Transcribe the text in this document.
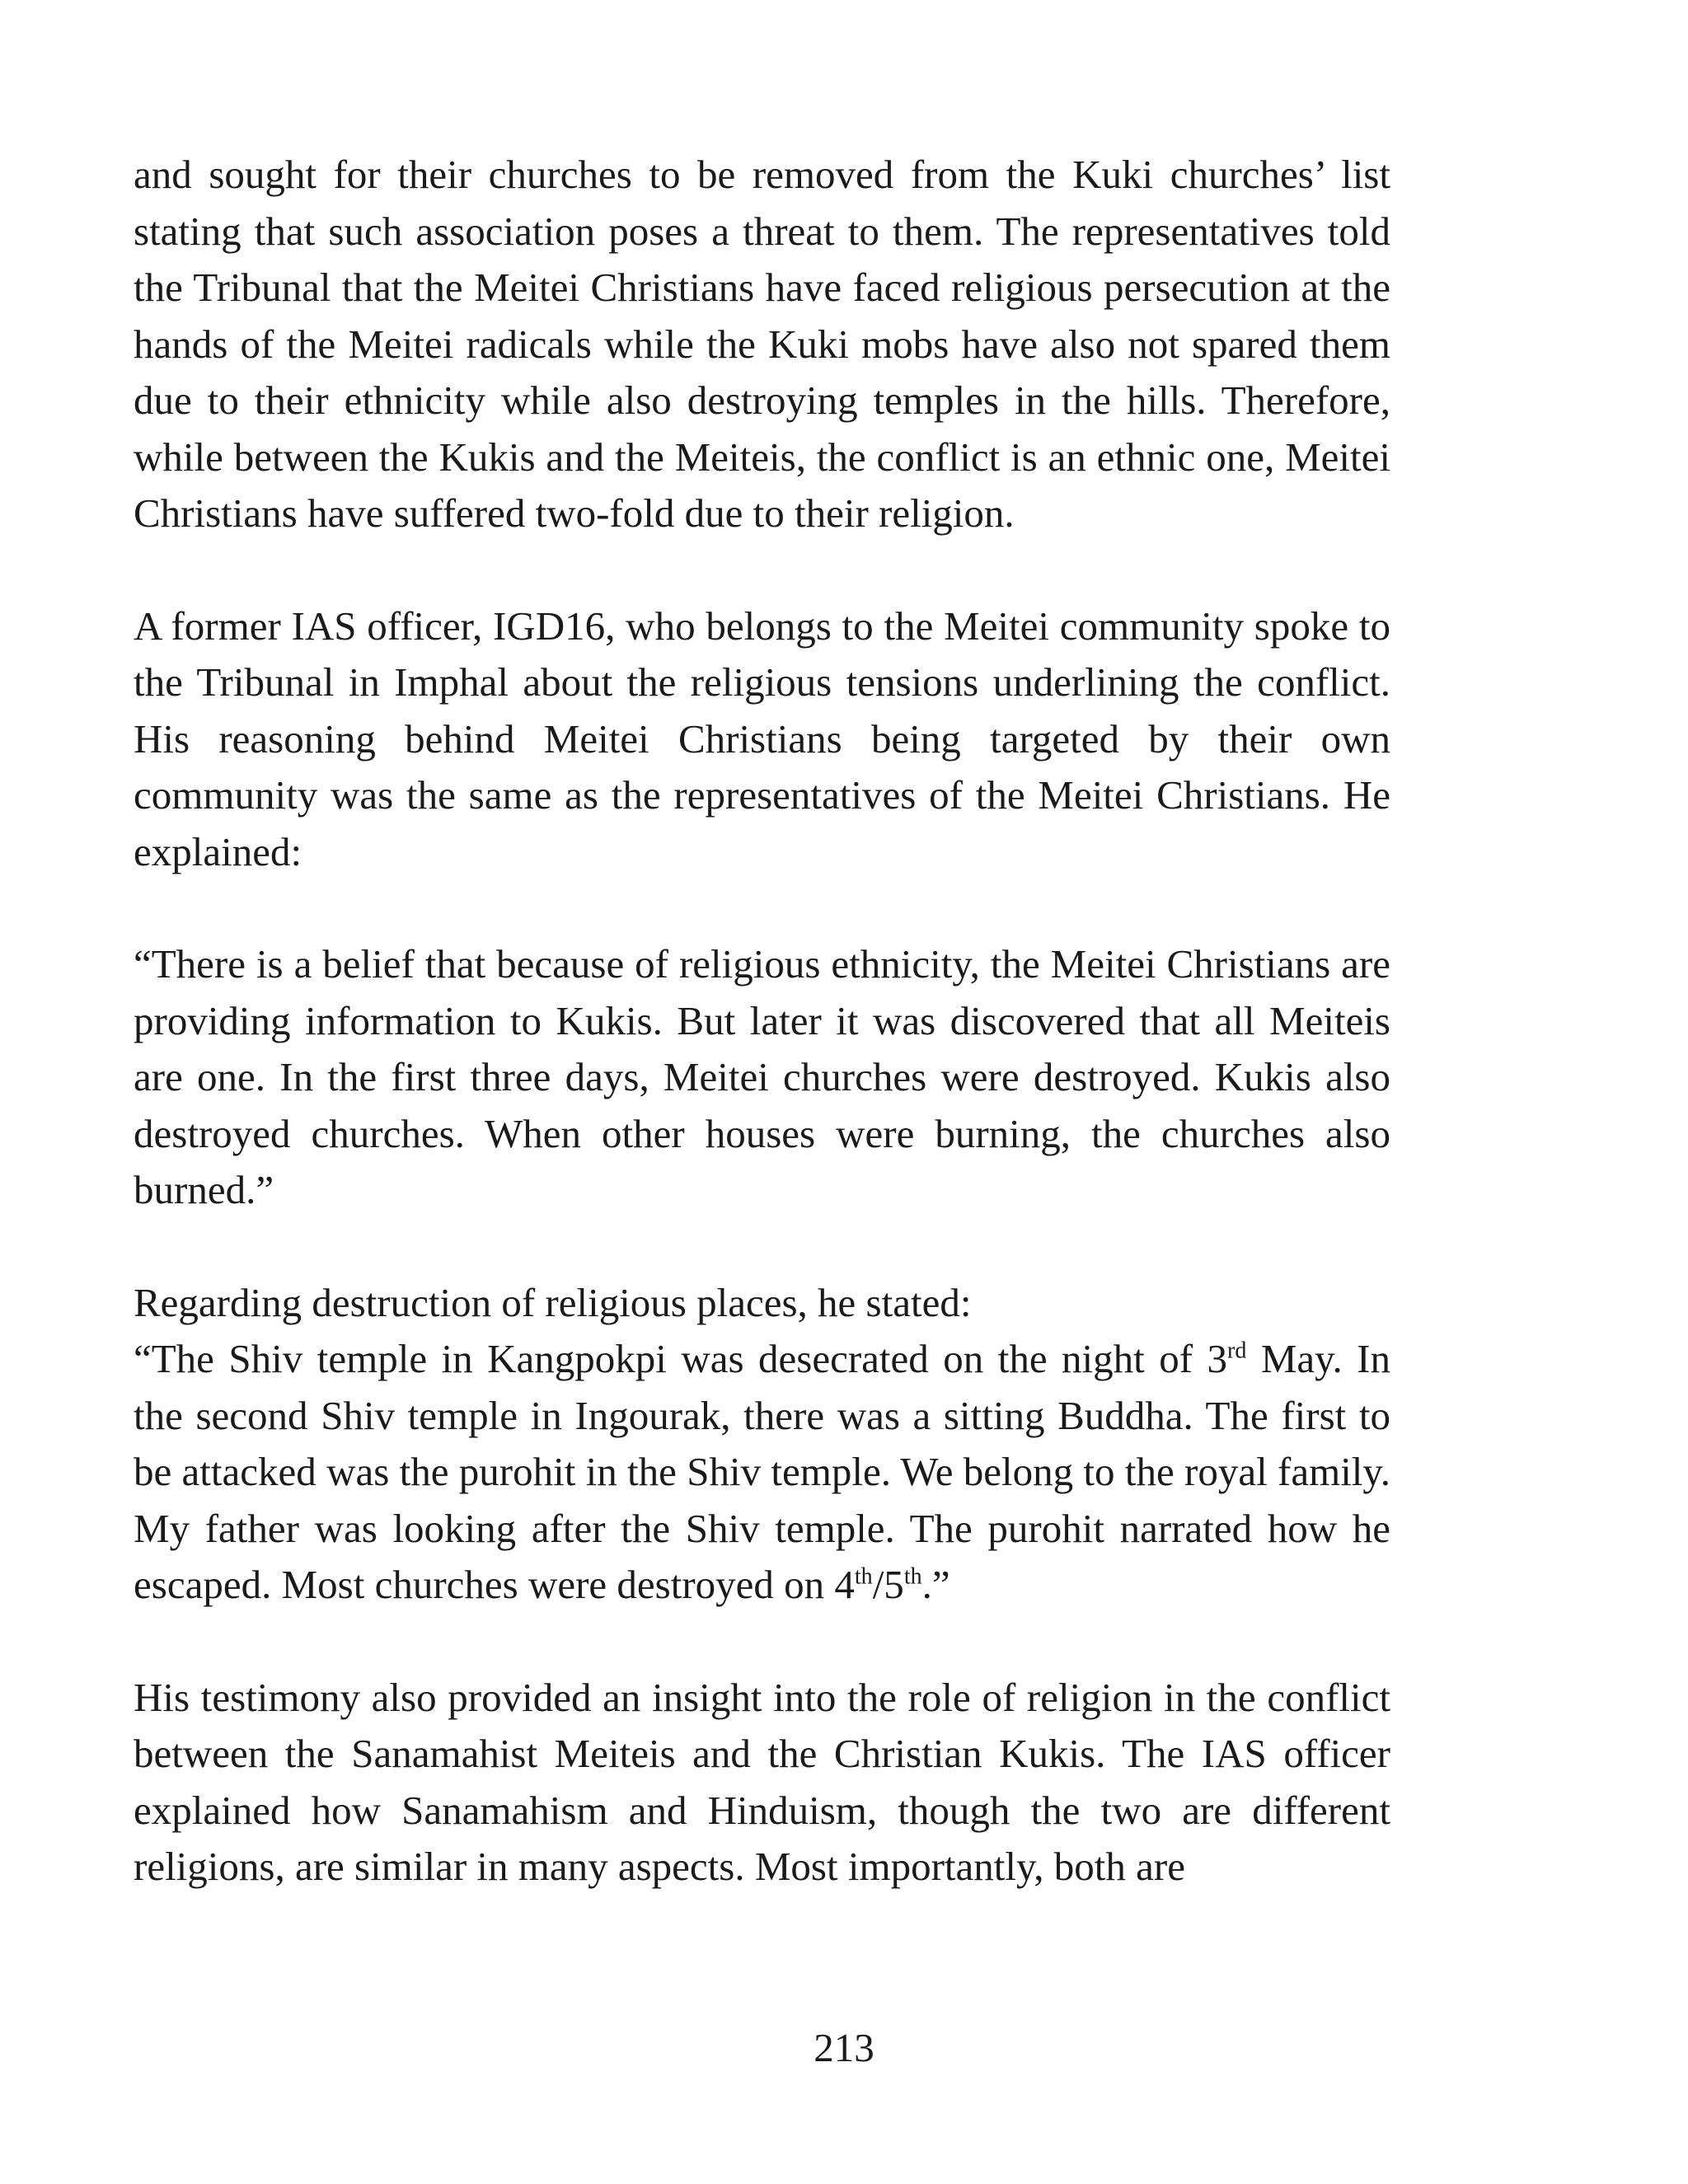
and sought for their churches to be removed from the Kuki churches’ list stating that such association poses a threat to them. The representatives told the Tribunal that the Meitei Christians have faced religious persecution at the hands of the Meitei radicals while the Kuki mobs have also not spared them due to their ethnicity while also destroying temples in the hills. Therefore, while between the Kukis and the Meiteis, the conflict is an ethnic one, Meitei Christians have suffered two-fold due to their religion.

A former IAS officer, IGD16, who belongs to the Meitei community spoke to the Tribunal in Imphal about the religious tensions underlining the conflict. His reasoning behind Meitei Christians being targeted by their own community was the same as the representatives of the Meitei Christians. He explained:

“There is a belief that because of religious ethnicity, the Meitei Christians are providing information to Kukis. But later it was discovered that all Meiteis are one. In the first three days, Meitei churches were destroyed. Kukis also destroyed churches. When other houses were burning, the churches also burned.”

Regarding destruction of religious places, he stated:

“The Shiv temple in Kangpokpi was desecrated on the night of 3rd May. In the second Shiv temple in Ingourak, there was a sitting Buddha. The first to be attacked was the purohit in the Shiv temple. We belong to the royal family. My father was looking after the Shiv temple. The purohit narrated how he escaped. Most churches were destroyed on 4th/5th.”

His testimony also provided an insight into the role of religion in the conflict between the Sanamahist Meiteis and the Christian Kukis. The IAS officer explained how Sanamahism and Hinduism, though the two are different religions, are similar in many aspects. Most importantly, both are

213
